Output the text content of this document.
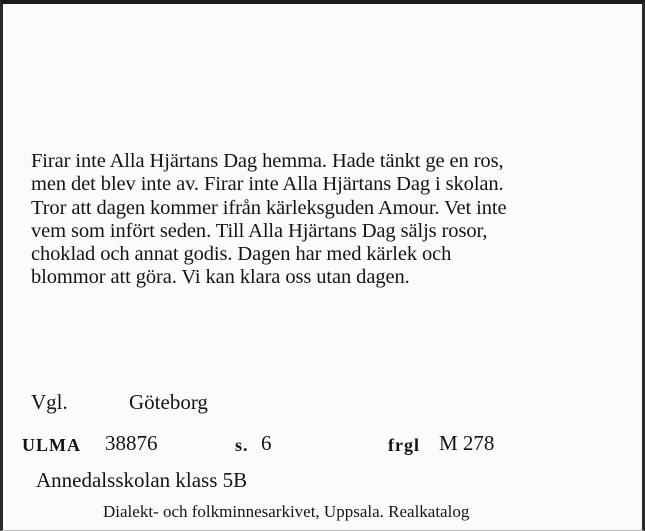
Firar inte Alla Hjärtans Dag hemma. Hade tänkt ge en ros,
men det blev inte av. Firar inte Alla Hjärtans Dag i skolan.
Tror att dagen kommer ifrån kärleksguden Amour. Vet inte
vem som infört seden. Till Alla Hjärtans Dag säljs rosor,
choklad och annat godis. Dagen har med kärlek och
blommor att göra. Vi kan klara oss utan dagen.

Vgl.	Göteborg
ULMA 38876	s. 6	frgl M 278
Annedalsskolan klass 5B
Dialekt- och folkminnesarkivet, Uppsala. Realkatalog
